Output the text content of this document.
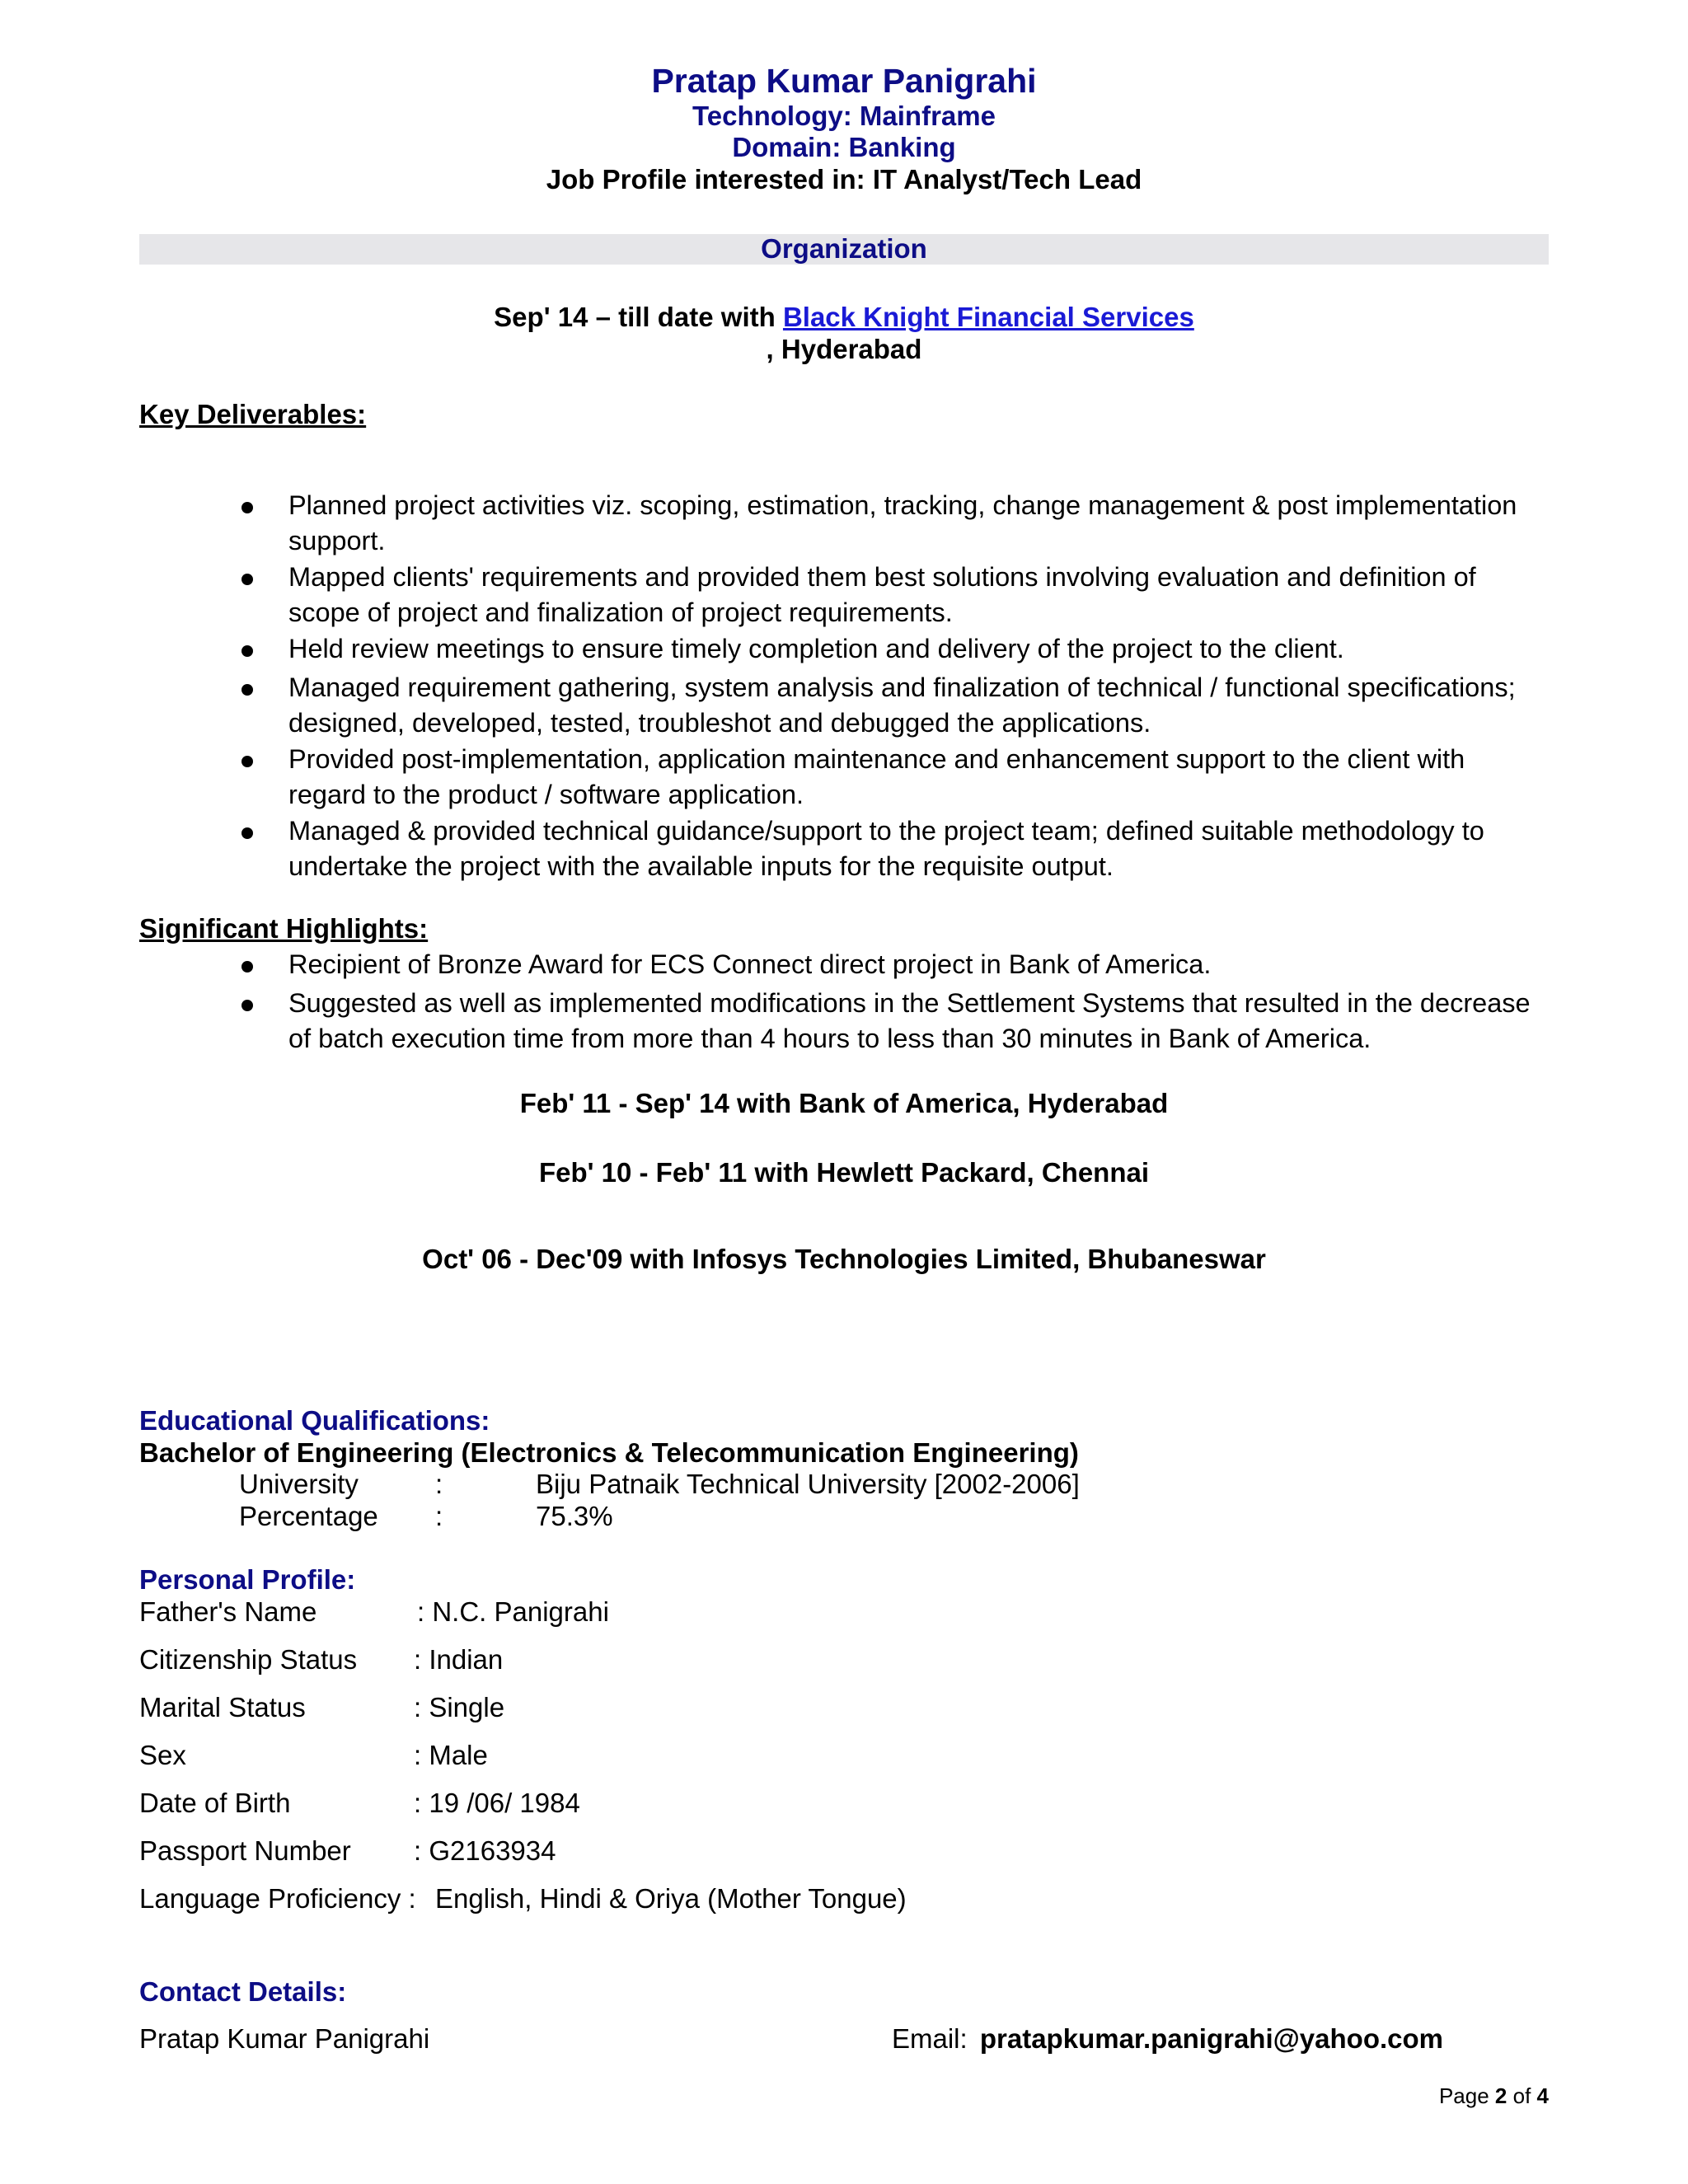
Pratap Kumar Panigrahi
Technology: Mainframe
Domain: Banking
Job Profile interested in: IT Analyst/Tech Lead
Organization
Sep' 14 – till date with Black Knight Financial Services
, Hyderabad
Key Deliverables:
Planned project activities viz. scoping, estimation, tracking, change management & post implementation support.
Mapped clients' requirements and provided them best solutions involving evaluation and definition of scope of project and finalization of project requirements.
Held review meetings to ensure timely completion and delivery of the project to the client.
Managed requirement gathering, system analysis and finalization of technical / functional specifications; designed, developed, tested, troubleshot and debugged the applications.
Provided post-implementation, application maintenance and enhancement support to the client with regard to the product / software application.
Managed & provided technical guidance/support to the project team; defined suitable methodology to undertake the project with the available inputs for the requisite output.
Significant Highlights:
Recipient of Bronze Award for ECS Connect direct project in Bank of America.
Suggested as well as implemented modifications in the Settlement Systems that resulted in the decrease of batch execution time from more than 4 hours to less than 30 minutes in Bank of America.
Feb' 11 - Sep' 14 with Bank of America, Hyderabad
Feb' 10 - Feb' 11 with Hewlett Packard, Chennai
Oct' 06 - Dec'09 with Infosys Technologies Limited, Bhubaneswar
Educational Qualifications:
Bachelor of Engineering (Electronics & Telecommunication Engineering)
University	:	Biju Patnaik Technical University [2002-2006]
Percentage :	75.3%
Personal Profile:
Father's Name	: N.C. Panigrahi
Citizenship Status : Indian
Marital Status	: Single
Sex	: Male
Date of Birth	: 19 /06/ 1984
Passport Number : G2163934
Language Proficiency : English, Hindi & Oriya (Mother Tongue)
Contact Details:
Pratap Kumar Panigrahi	Email: pratapkumar.panigrahi@yahoo.com
Page 2 of 4
